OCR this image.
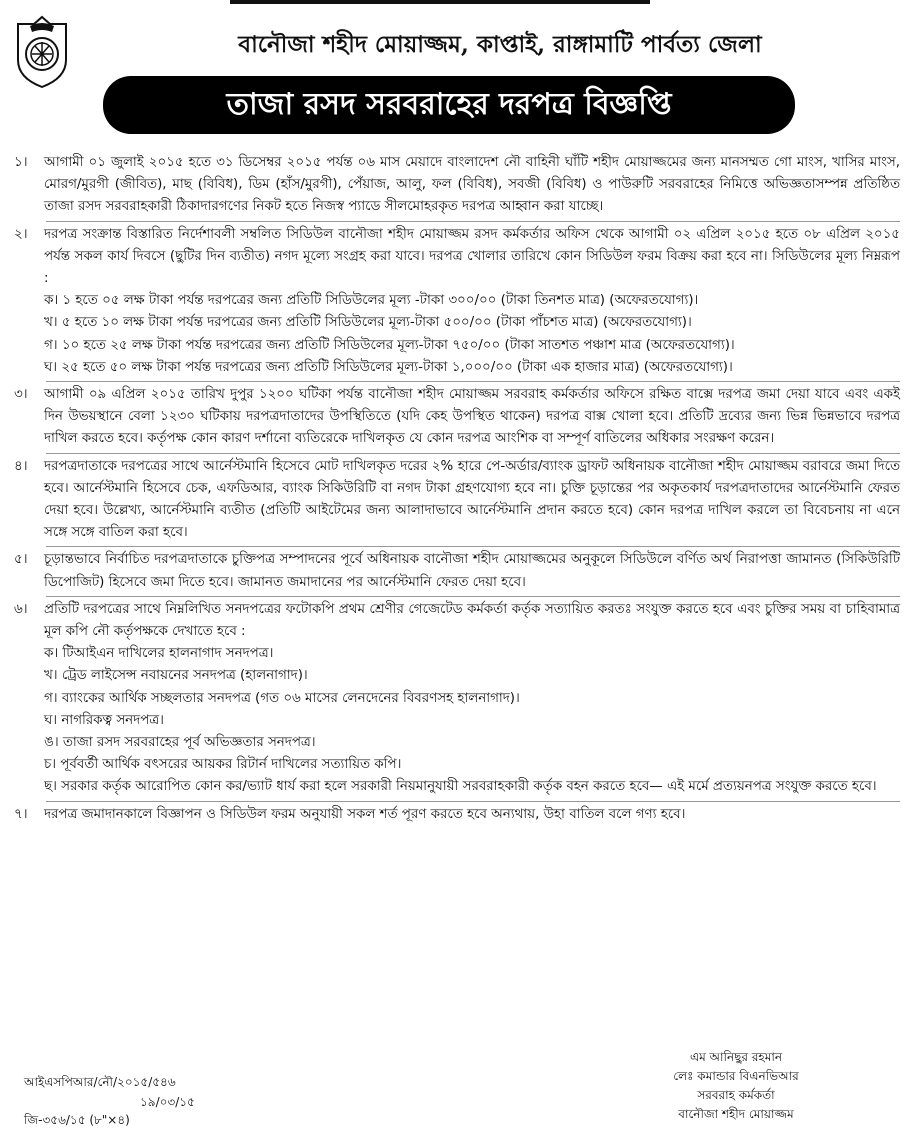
বানৌজা শহীদ মোয়াজ্জম, কাপ্তাই, রাঙ্গামাটি পার্বত্য জেলা
তাজা রসদ সরবরাহের দরপত্র বিজ্ঞপ্তি
১।	আগামী ০১ জুলাই ২০১৫ হতে ৩১ ডিসেম্বর ২০১৫ পর্যন্ত ০৬ মাস মেয়াদে বাংলাদেশ নৌ বাহিনী ঘাঁটি শহীদ মোয়াজ্জমের জন্য মানসম্মত গো মাংস, খাসির মাংস, মোরগ/মুরগী (জীবিত), মাছ (বিবিধ), ডিম (হাঁস/মুরগী), পেঁয়াজ, আলু, ফল (বিবিধ), সবজী (বিবিধ) ও পাউরুটি সরবরাহের নিমিত্তে অভিজ্ঞতাসম্পন্ন প্রতিষ্ঠিত তাজা রসদ সরবরাহকারী ঠিকাদারগণের নিকট হতে নিজস্ব প্যাডে সীলমোহরকৃত দরপত্র আহ্বান করা যাচ্ছে।
২।	দরপত্র সংক্রান্ত বিস্তারিত নির্দেশাবলী সম্বলিত সিডিউল বানৌজা শহীদ মোয়াজ্জম রসদ কর্মকর্তার অফিস থেকে আগামী ০২ এপ্রিল ২০১৫ হতে ০৮ এপ্রিল ২০১৫ পর্যন্ত সকল কার্য দিবসে (ছুটির দিন ব্যতীত) নগদ মূল্যে সংগ্রহ করা যাবে। দরপত্র খোলার তারিখে কোন সিডিউল ফরম বিক্রয় করা হবে না। সিডিউলের মূল্য নিম্নরূপ :
ক। ১ হতে ০৫ লক্ষ টাকা পর্যন্ত দরপত্রের জন্য প্রতিটি সিডিউলের মূল্য -টাকা ৩০০/০০ (টাকা তিনশত মাত্র) (অফেরতযোগ্য)।
খ। ৫ হতে ১০ লক্ষ টাকা পর্যন্ত দরপত্রের জন্য প্রতিটি সিডিউলের মূল্য-টাকা ৫০০/০০ (টাকা পাঁচশত মাত্র) (অফেরতযোগ্য)।
গ। ১০ হতে ২৫ লক্ষ টাকা পর্যন্ত দরপত্রের জন্য প্রতিটি সিডিউলের মূল্য-টাকা ৭৫০/০০ (টাকা সাতশত পঞ্চাশ মাত্র (অফেরতযোগ্য)।
ঘ। ২৫ হতে ৫০ লক্ষ টাকা পর্যন্ত দরপত্রের জন্য প্রতিটি সিডিউলের মূল্য-টাকা ১,০০০/০০ (টাকা এক হাজার মাত্র) (অফেরতযোগ্য)।
৩।	আগামী ০৯ এপ্রিল ২০১৫ তারিখ দুপুর ১২০০ ঘটিকা পর্যন্ত বানৌজা শহীদ মোয়াজ্জম সরবরাহ কর্মকর্তার অফিসে রক্ষিত বাক্সে দরপত্র জমা দেয়া যাবে এবং একই দিন উভয়স্থানে বেলা ১২৩০ ঘটিকায় দরপত্রদাতাদের উপস্থিতিতে (যদি কেহ উপস্থিত থাকেন) দরপত্র বাক্স খোলা হবে। প্রতিটি দ্রব্যের জন্য ভিন্ন ভিন্নভাবে দরপত্র দাখিল করতে হবে। কর্তৃপক্ষ কোন কারণ দর্শানো ব্যতিরেকে দাখিলকৃত যে কোন দরপত্র আংশিক বা সম্পূর্ণ বাতিলের অধিকার সংরক্ষণ করেন।
৪।	দরপত্রদাতাকে দরপত্রের সাথে আর্নেস্টমানি হিসেবে মোট দাখিলকৃত দরের ২% হারে পে-অর্ডার/ব্যাংক ড্রাফট অধিনায়ক বানৌজা শহীদ মোয়াজ্জম বরাবরে জমা দিতে হবে। আর্নেস্টমানি হিসেবে চেক, এফডিআর, ব্যাংক সিকিউরিটি বা নগদ টাকা গ্রহণযোগ্য হবে না। চুক্তি চূড়ান্তের পর অকৃতকার্য দরপত্রদাতাদের আর্নেস্টমানি ফেরত দেয়া হবে। উল্লেখ্য, আর্নেস্টমানি ব্যতীত (প্রতিটি আইটেমের জন্য আলাদাভাবে আর্নেস্টমানি প্রদান করতে হবে) কোন দরপত্র দাখিল করলে তা বিবেচনায় না এনে সঙ্গে সঙ্গে বাতিল করা হবে।
৫।	চূড়ান্তভাবে নির্বাচিত দরপত্রদাতাকে চুক্তিপত্র সম্পাদনের পূর্বে অধিনায়ক বানৌজা শহীদ মোয়াজ্জমের অনুকূলে সিডিউলে বর্ণিত অর্থ নিরাপত্তা জামানত (সিকিউরিটি ডিপোজিট) হিসেবে জমা দিতে হবে। জামানত জমাদানের পর আর্নেস্টমানি ফেরত দেয়া হবে।
৬।	প্রতিটি দরপত্রের সাথে নিম্নলিখিত সনদপত্রের ফটোকপি প্রথম শ্রেণীর গেজেটেড কর্মকর্তা কর্তৃক সত্যায়িত করতঃ সংযুক্ত করতে হবে এবং চুক্তির সময় বা চাহিবামাত্র মূল কপি নৌ কর্তৃপক্ষকে দেখাতে হবে :
ক। টিআইএন দাখিলের হালনাগাদ সনদপত্র।
খ। ট্রেড লাইসেন্স নবায়নের সনদপত্র (হালনাগাদ)।
গ। ব্যাংকের আর্থিক সচ্ছলতার সনদপত্র (গত ০৬ মাসের লেনদেনের বিবরণসহ হালনাগাদ)।
ঘ। নাগরিকত্ব সনদপত্র।
ঙ। তাজা রসদ সরবরাহের পূর্ব অভিজ্ঞতার সনদপত্র।
চ। পূর্ববর্তী আর্থিক বৎসরের আয়কর রিটার্ন দাখিলের সত্যায়িত কপি।
ছ। সরকার কর্তৃক আরোপিত কোন কর/ভ্যাট ধার্য করা হলে সরকারী নিয়মানুযায়ী সরবরাহকারী কর্তৃক বহন করতে হবে— এই মর্মে প্রত্যয়নপত্র সংযুক্ত করতে হবে।
৭।	দরপত্র জমাদানকালে বিজ্ঞাপন ও সিডিউল ফরম অনুযায়ী সকল শর্ত পূরণ করতে হবে অন্যথায়, উহা বাতিল বলে গণ্য হবে।
আইএসপিআর/নৌ/২০১৫/৫৪৬
১৯/০৩/১৫
জি-৩৫৬/১৫ (৮"×৪)
এম আনিছুর রহমান
লেঃ কমান্ডার বিএনভিআর
সরবরাহ কর্মকর্তা
বানৌজা শহীদ মোয়াজ্জম
